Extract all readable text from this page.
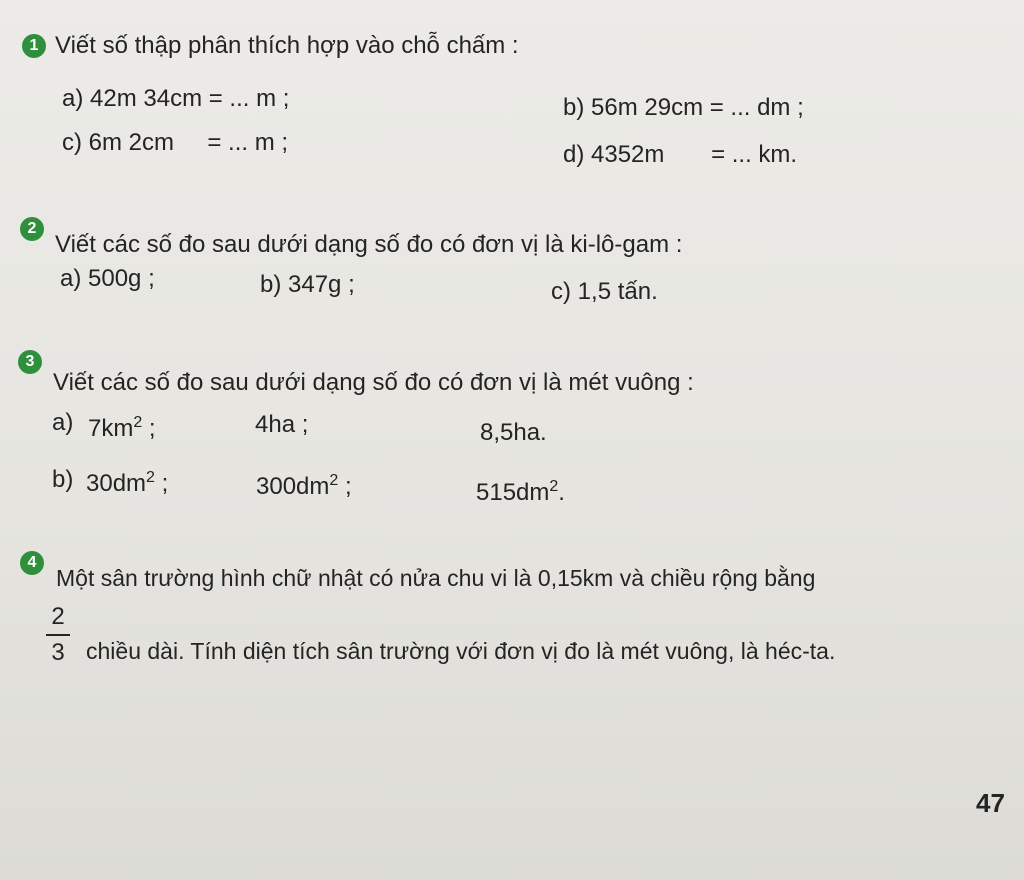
1 Viết số thập phân thích hợp vào chỗ chấm :
a) 42m 34cm = ... m ;	b) 56m 29cm = ... dm ;
c) 6m 2cm     = ... m ;	d) 4352m       = ... km.
2
Viết các số đo sau dưới dạng số đo có đơn vị là ki-lô-gam :
a) 500g ;	b) 347g ;	c) 1,5 tấn.
3
Viết các số đo sau dưới dạng số đo có đơn vị là mét vuông :
a) $7km^2$ ;	4ha ;	8,5ha.
b) $30dm^2$ ;	$300dm^2$ ;	$515dm^2$.
4
Một sân trường hình chữ nhật có nửa chu vi là 0,15km và chiều rộng bằng
2
3 chiều dài. Tính diện tích sân trường với đơn vị đo là mét vuông, là héc-ta.
47
